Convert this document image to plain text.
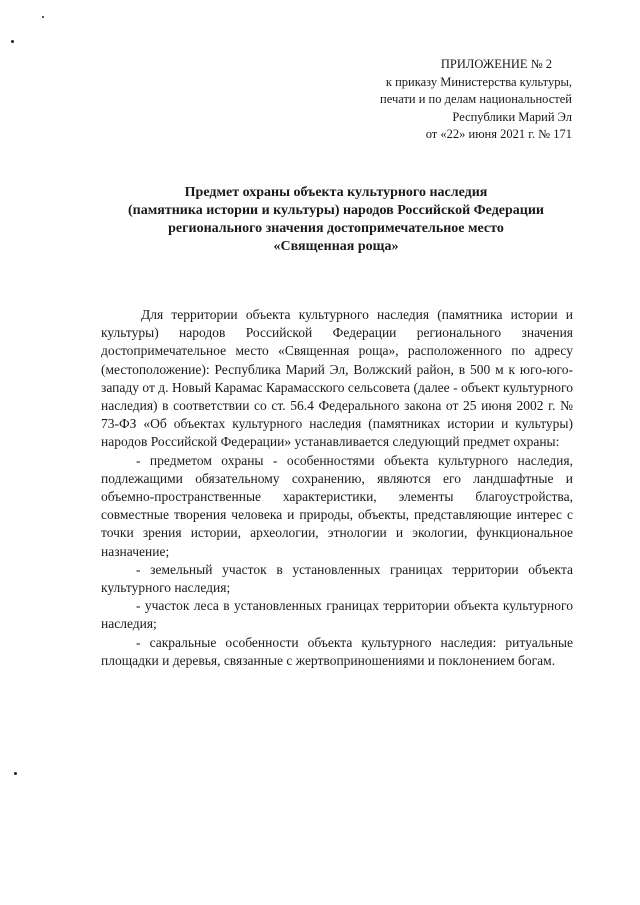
ПРИЛОЖЕНИЕ № 2
к приказу Министерства культуры,
печати и по делам национальностей
Республики Марий Эл
от «22» июня 2021 г. № 171
Предмет охраны объекта культурного наследия
(памятника истории и культуры) народов Российской Федерации
регионального значения достопримечательное место
«Священная роща»

Для территории объекта культурного наследия (памятника истории и культуры) народов Российской Федерации регионального значения достопримечательное место «Священная роща», расположенного по адресу (местоположение): Республика Марий Эл, Волжский район, в 500 м к юго-юго-западу от д. Новый Карамас Карамасского сельсовета (далее - объект культурного наследия) в соответствии со ст. 56.4 Федерального закона от 25 июня 2002 г. № 73-ФЗ «Об объектах культурного наследия (памятниках истории и культуры) народов Российской Федерации» устанавливается следующий предмет охраны:

- предметом охраны - особенностями объекта культурного наследия, подлежащими обязательному сохранению, являются его ландшафтные и объемно-пространственные характеристики, элементы благоустройства, совместные творения человека и природы, объекты, представляющие интерес с точки зрения истории, археологии, этнологии и экологии, функциональное назначение;

- земельный участок в установленных границах территории объекта культурного наследия;

- участок леса в установленных границах территории объекта культурного наследия;

- сакральные особенности объекта культурного наследия: ритуальные площадки и деревья, связанные с жертвоприношениями и поклонением богам.
